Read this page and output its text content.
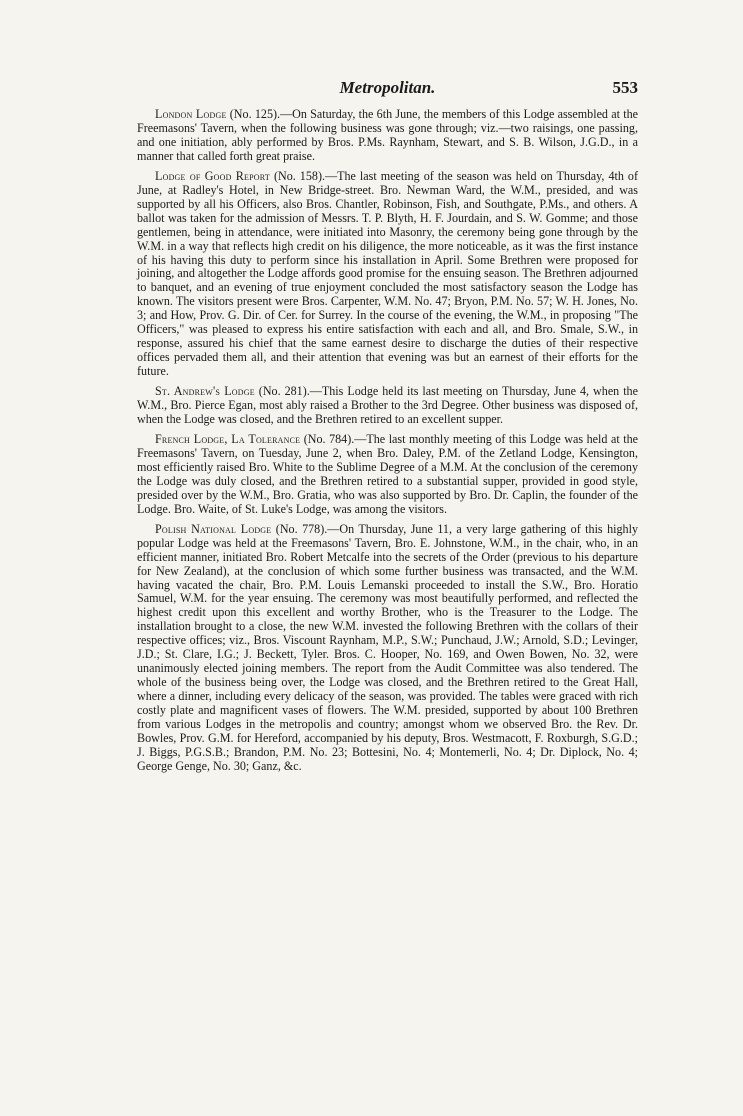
Metropolitan.	553

London Lodge (No. 125).—On Saturday, the 6th June, the members of this Lodge assembled at the Freemasons' Tavern, when the following business was gone through; viz.—two raisings, one passing, and one initiation, ably performed by Bros. P.Ms. Raynham, Stewart, and S. B. Wilson, J.G.D., in a manner that called forth great praise.

Lodge of Good Report (No. 158).—The last meeting of the season was held on Thursday, 4th of June, at Radley's Hotel, in New Bridge-street. Bro. Newman Ward, the W.M., presided, and was supported by all his Officers, also Bros. Chantler, Robinson, Fish, and Southgate, P.Ms., and others. A ballot was taken for the admission of Messrs. T. P. Blyth, H. F. Jourdain, and S. W. Gomme; and those gentlemen, being in attendance, were initiated into Masonry, the ceremony being gone through by the W.M. in a way that reflects high credit on his diligence, the more noticeable, as it was the first instance of his having this duty to perform since his installation in April. Some Brethren were proposed for joining, and altogether the Lodge affords good promise for the ensuing season. The Brethren adjourned to banquet, and an evening of true enjoyment concluded the most satisfactory season the Lodge has known. The visitors present were Bros. Carpenter, W.M. No. 47; Bryon, P.M. No. 57; W. H. Jones, No. 3; and How, Prov. G. Dir. of Cer. for Surrey. In the course of the evening, the W.M., in proposing "The Officers," was pleased to express his entire satisfaction with each and all, and Bro. Smale, S.W., in response, assured his chief that the same earnest desire to discharge the duties of their respective offices pervaded them all, and their attention that evening was but an earnest of their efforts for the future.

St. Andrew's Lodge (No. 281).—This Lodge held its last meeting on Thursday, June 4, when the W.M., Bro. Pierce Egan, most ably raised a Brother to the 3rd Degree. Other business was disposed of, when the Lodge was closed, and the Brethren retired to an excellent supper.

French Lodge, La Tolerance (No. 784).—The last monthly meeting of this Lodge was held at the Freemasons' Tavern, on Tuesday, June 2, when Bro. Daley, P.M. of the Zetland Lodge, Kensington, most efficiently raised Bro. White to the Sublime Degree of a M.M. At the conclusion of the ceremony the Lodge was duly closed, and the Brethren retired to a substantial supper, provided in good style, presided over by the W.M., Bro. Gratia, who was also supported by Bro. Dr. Caplin, the founder of the Lodge. Bro. Waite, of St. Luke's Lodge, was among the visitors.

Polish National Lodge (No. 778).—On Thursday, June 11, a very large gathering of this highly popular Lodge was held at the Freemasons' Tavern, Bro. E. Johnstone, W.M., in the chair, who, in an efficient manner, initiated Bro. Robert Metcalfe into the secrets of the Order (previous to his departure for New Zealand), at the conclusion of which some further business was transacted, and the W.M. having vacated the chair, Bro. P.M. Louis Lemanski proceeded to install the S.W., Bro. Horatio Samuel, W.M. for the year ensuing. The ceremony was most beautifully performed, and reflected the highest credit upon this excellent and worthy Brother, who is the Treasurer to the Lodge. The installation brought to a close, the new W.M. invested the following Brethren with the collars of their respective offices; viz., Bros. Viscount Raynham, M.P., S.W.; Punchaud, J.W.; Arnold, S.D.; Levinger, J.D.; St. Clare, I.G.; J. Beckett, Tyler. Bros. C. Hooper, No. 169, and Owen Bowen, No. 32, were unanimously elected joining members. The report from the Audit Committee was also tendered. The whole of the business being over, the Lodge was closed, and the Brethren retired to the Great Hall, where a dinner, including every delicacy of the season, was provided. The tables were graced with rich costly plate and magnificent vases of flowers. The W.M. presided, supported by about 100 Brethren from various Lodges in the metropolis and country; amongst whom we observed Bro. the Rev. Dr. Bowles, Prov. G.M. for Hereford, accompanied by his deputy, Bros. Westmacott, F. Roxburgh, S.G.D.; J. Biggs, P.G.S.B.; Brandon, P.M. No. 23; Bottesini, No. 4; Montemerli, No. 4; Dr. Diplock, No. 4; George Genge, No. 30; Ganz, &c.
